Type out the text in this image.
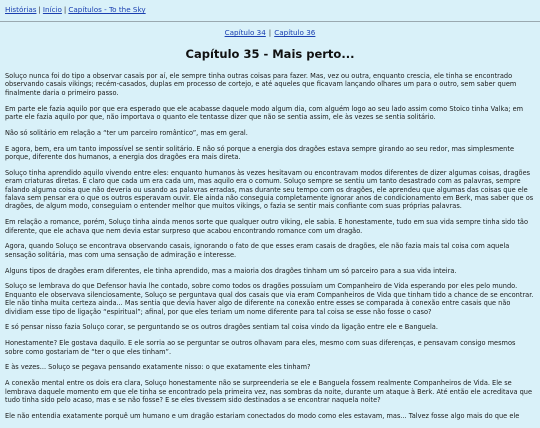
Histórias | Início | Capítulos - To the Sky
Capítulo 34 | Capítulo 36
Capítulo 35 - Mais perto...

Soluço nunca foi do tipo a observar casais por aí, ele sempre tinha outras coisas para fazer. Mas, vez ou outra, enquanto crescia, ele tinha se encontrado observando casais vikings; recém-casados, duplas em processo de cortejo, e até aqueles que ficavam lançando olhares um para o outro, sem saber quem finalmente daria o primeiro passo.

Em parte ele fazia aquilo por que era esperado que ele acabasse daquele modo algum dia, com alguém logo ao seu lado assim como Stoico tinha Valka; em parte ele fazia aquilo por que, não importava o quanto ele tentasse dizer que não se sentia assim, ele às vezes se sentia solitário.

Não só solitário em relação a “ter um parceiro romântico”, mas em geral.

E agora, bem, era um tanto impossível se sentir solitário. E não só porque a energia dos dragões estava sempre girando ao seu redor, mas simplesmente porque, diferente dos humanos, a energia dos dragões era mais direta.

Soluço tinha aprendido aquilo vivendo entre eles: enquanto humanos às vezes hesitavam ou encontravam modos diferentes de dizer algumas coisas, dragões eram criaturas diretas. É claro que cada um era cada um, mas aquilo era o comum. Soluço sempre se sentiu um tanto desastrado com as palavras, sempre falando alguma coisa que não deveria ou usando as palavras erradas, mas durante seu tempo com os dragões, ele aprendeu que algumas das coisas que ele falava sem pensar era o que os outros esperavam ouvir. Ele ainda não conseguia completamente ignorar anos de condicionamento em Berk, mas saber que os dragões, de algum modo, conseguiam o entender melhor que muitos vikings, o fazia se sentir mais confiante com suas próprias palavras.

Em relação a romance, porém, Soluço tinha ainda menos sorte que qualquer outro viking, ele sabia. E honestamente, tudo em sua vida sempre tinha sido tão diferente, que ele achava que nem devia estar surpreso que acabou encontrando romance com um dragão.

Agora, quando Soluço se encontrava observando casais, ignorando o fato de que esses eram casais de dragões, ele não fazia mais tal coisa com aquela sensação solitária, mas com uma sensação de admiração e interesse.

Alguns tipos de dragões eram diferentes, ele tinha aprendido, mas a maioria dos dragões tinham um só parceiro para a sua vida inteira.

Soluço se lembrava do que Defensor havia lhe contado, sobre como todos os dragões possuíam um Companheiro de Vida esperando por eles pelo mundo. Enquanto ele observava silenciosamente, Soluço se perguntava qual dos casais que via eram Companheiros de Vida que tinham tido a chance de se encontrar. Ele não tinha muita certeza ainda... Mas sentia que devia haver algo de diferente na conexão entre esses se comparada à conexão entre casais que não dividiam esse tipo de ligação “espiritual”; afinal, por que eles teriam um nome diferente para tal coisa se esse não fosse o caso?

E só pensar nisso fazia Soluço corar, se perguntando se os outros dragões sentiam tal coisa vindo da ligação entre ele e Banguela.

Honestamente? Ele gostava daquilo. E ele sorria ao se perguntar se outros olhavam para eles, mesmo com suas diferenças, e pensavam consigo mesmos sobre como gostariam de “ter o que eles tinham”.

E às vezes... Soluço se pegava pensando exatamente nisso: o que exatamente eles tinham?

A conexão mental entre os dois era clara, Soluço honestamente não se surpreenderia se ele e Banguela fossem realmente Companheiros de Vida. Ele se lembrava daquele momento em que ele tinha se encontrado pela primeira vez, nas sombras da noite, durante um ataque à Berk. Até então ele acreditava que tudo tinha sido pelo acaso, mas e se não fosse? E se eles tivessem sido destinados a se encontrar naquela noite?

Ele não entendia exatamente porquê um humano e um dragão estariam conectados do modo como eles estavam, mas... Talvez fosse algo mais do que ele
